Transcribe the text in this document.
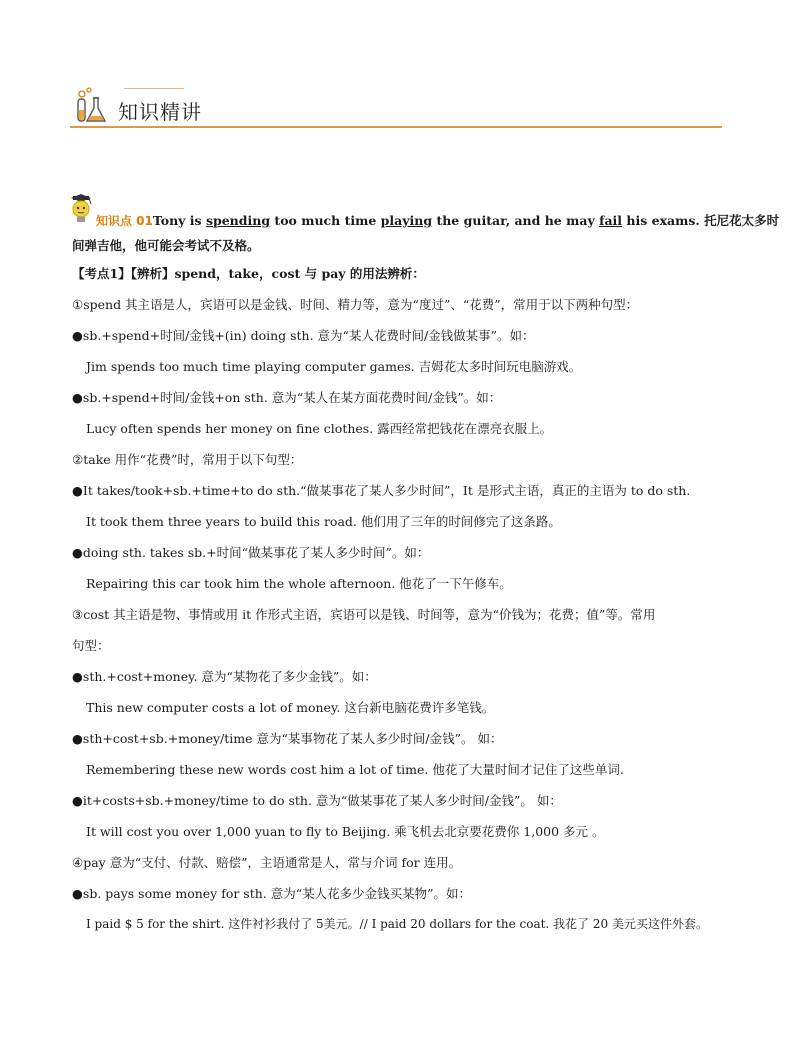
知识精讲
知识点 01Tony is spending too much time playing the guitar, and he may fail his exams. 托尼花太多时
间弹吉他，他可能会考试不及格。
【考点1】【辨析】spend，take，cost 与 pay 的用法辨析：
①spend 其主语是人，宾语可以是金钱、时间、精力等，意为“度过”、“花费”，常用于以下两种句型：
●sb.+spend+时间/金钱+(in) doing sth. 意为“某人花费时间/金钱做某事”。如：
Jim spends too much time playing computer games. 吉姆花太多时间玩电脑游戏。
●sb.+spend+时间/金钱+on sth. 意为“某人在某方面花费时间/金钱”。如：
Lucy often spends her money on fine clothes. 露西经常把钱花在漂亮衣服上。
②take 用作“花费”时，常用于以下句型：
●It takes/took+sb.+time+to do sth.“做某事花了某人多少时间”，It 是形式主语，真正的主语为 to do sth.
It took them three years to build this road. 他们用了三年的时间修完了这条路。
●doing sth. takes sb.+时间“做某事花了某人多少时间”。如：
Repairing this car took him the whole afternoon. 他花了一下午修车。
③cost 其主语是物、事情或用 it 作形式主语，宾语可以是钱、时间等，意为“价钱为；花费；值”等。常用
句型：
●sth.+cost+money. 意为“某物花了多少金钱”。如：
This new computer costs a lot of money. 这台新电脑花费许多笔钱。
●sth+cost+sb.+money/time 意为“某事物花了某人多少时间/金钱”。 如：
Remembering these new words cost him a lot of time. 他花了大量时间才记住了这些单词.
●it+costs+sb.+money/time to do sth. 意为“做某事花了某人多少时间/金钱”。 如：
It will cost you over 1,000 yuan to fly to Beijing. 乘飞机去北京要花费你 1,000 多元 。
④pay 意为“支付、付款、赔偿”，主语通常是人，常与介词 for 连用。
●sb. pays some money for sth. 意为“某人花多少金钱买某物”。如：
I paid $ 5 for the shirt. 这件衬衫我付了 5美元。// I paid 20 dollars for the coat. 我花了 20 美元买这件外套。
